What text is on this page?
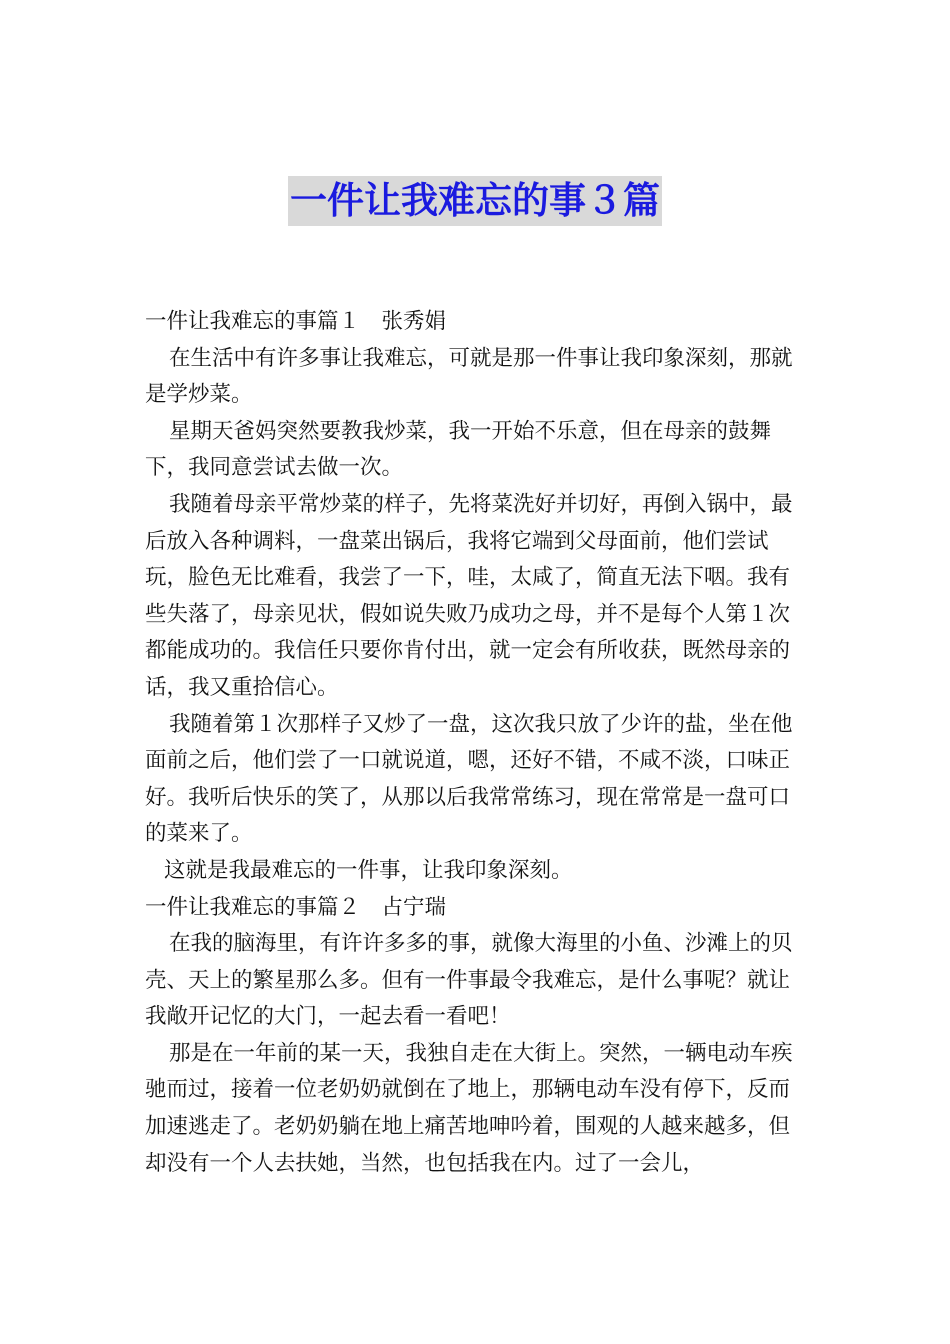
一件让我难忘的事３篇

一件让我难忘的事篇１　张秀娟

在生活中有许多事让我难忘，可就是那一件事让我印象深刻，那就是学炒菜。

星期天爸妈突然要教我炒菜，我一开始不乐意，但在母亲的鼓舞下，我同意尝试去做一次。

我随着母亲平常炒菜的样子，先将菜洗好并切好，再倒入锅中，最后放入各种调料，一盘菜出锅后，我将它端到父母面前，他们尝试玩，脸色无比难看，我尝了一下，哇，太咸了，简直无法下咽。我有些失落了，母亲见状，假如说失败乃成功之母，并不是每个人第１次都能成功的。我信任只要你肯付出，就一定会有所收获，既然母亲的话，我又重拾信心。

我随着第１次那样子又炒了一盘，这次我只放了少许的盐，坐在他面前之后，他们尝了一口就说道，嗯，还好不错，不咸不淡，口味正好。我听后快乐的笑了，从那以后我常常练习，现在常常是一盘可口的菜来了。

这就是我最难忘的一件事，让我印象深刻。

一件让我难忘的事篇２　占宁瑞

在我的脑海里，有许许多多的事，就像大海里的小鱼、沙滩上的贝壳、天上的繁星那么多。但有一件事最令我难忘，是什么事呢？就让我敞开记忆的大门，一起去看一看吧！

那是在一年前的某一天，我独自走在大街上。突然，一辆电动车疾驰而过，接着一位老奶奶就倒在了地上，那辆电动车没有停下，反而加速逃走了。老奶奶躺在地上痛苦地呻吟着，围观的人越来越多，但却没有一个人去扶她，当然，也包括我在内。过了一会儿，
